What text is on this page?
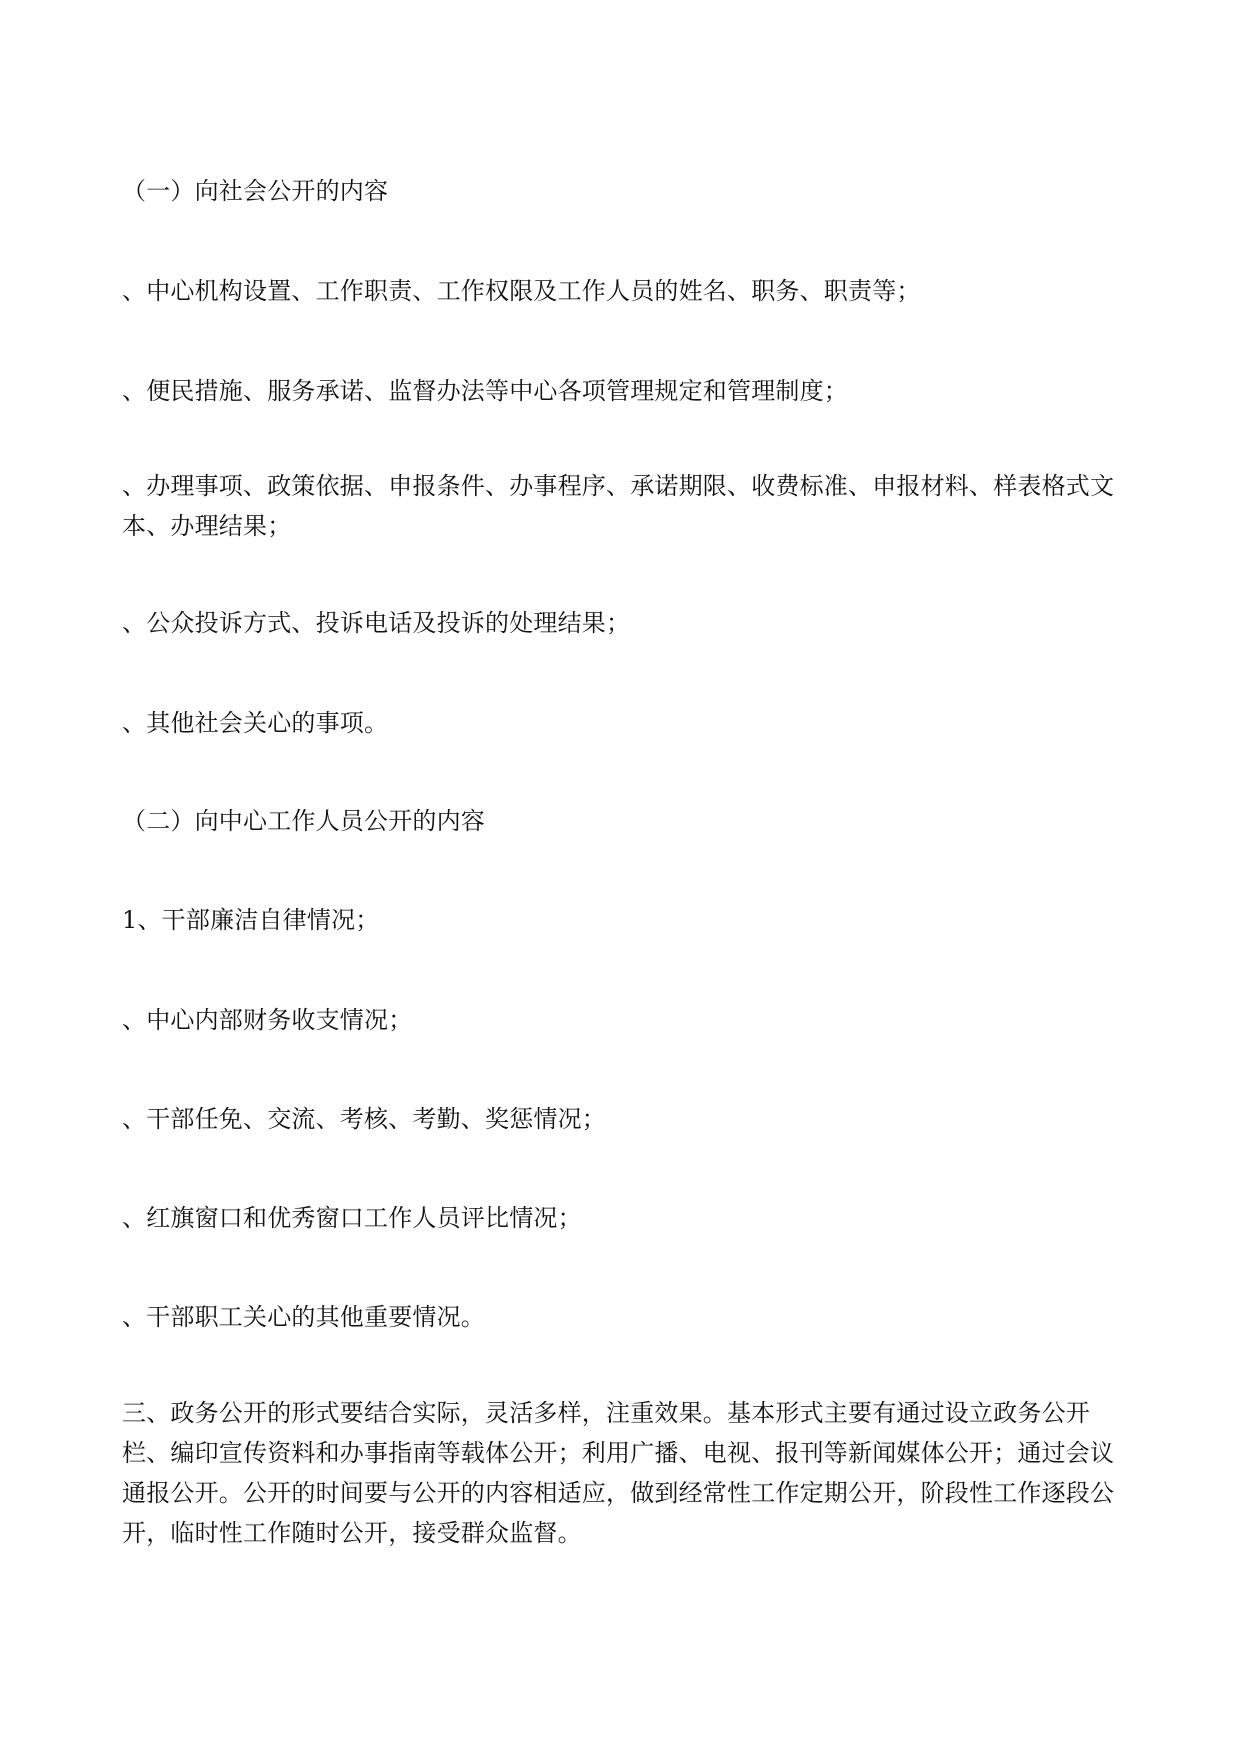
（一）向社会公开的内容

、中心机构设置、工作职责、工作权限及工作人员的姓名、职务、职责等；

、便民措施、服务承诺、监督办法等中心各项管理规定和管理制度；

、办理事项、政策依据、申报条件、办事程序、承诺期限、收费标准、申报材料、样表格式文本、办理结果；

、公众投诉方式、投诉电话及投诉的处理结果；

、其他社会关心的事项。

（二）向中心工作人员公开的内容

1、干部廉洁自律情况；

、中心内部财务收支情况；

、干部任免、交流、考核、考勤、奖惩情况；

、红旗窗口和优秀窗口工作人员评比情况；

、干部职工关心的其他重要情况。

三、政务公开的形式要结合实际，灵活多样，注重效果。基本形式主要有通过设立政务公开栏、编印宣传资料和办事指南等载体公开；利用广播、电视、报刊等新闻媒体公开；通过会议通报公开。公开的时间要与公开的内容相适应，做到经常性工作定期公开，阶段性工作逐段公开，临时性工作随时公开，接受群众监督。
